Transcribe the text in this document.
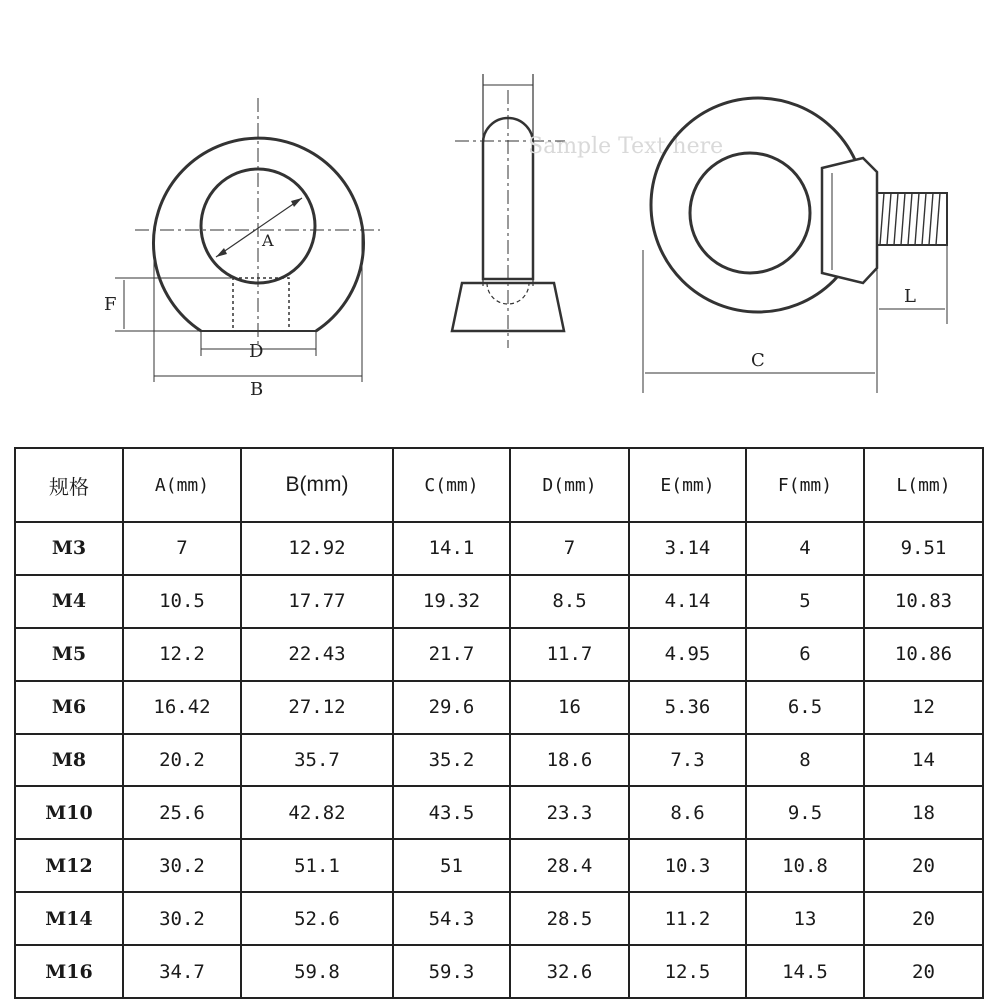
A
F
D
B
Sample Text here
L
C
规格	A(mm)	B(mm)	C(mm)	D(mm)	E(mm)	F(mm)	L(mm)
M3	7	12.92	14.1	7	3.14	4	9.51
M4	10.5	17.77	19.32	8.5	4.14	5	10.83
M5	12.2	22.43	21.7	11.7	4.95	6	10.86
M6	16.42	27.12	29.6	16	5.36	6.5	12
M8	20.2	35.7	35.2	18.6	7.3	8	14
M10	25.6	42.82	43.5	23.3	8.6	9.5	18
M12	30.2	51.1	51	28.4	10.3	10.8	20
M14	30.2	52.6	54.3	28.5	11.2	13	20
M16	34.7	59.8	59.3	32.6	12.5	14.5	20
